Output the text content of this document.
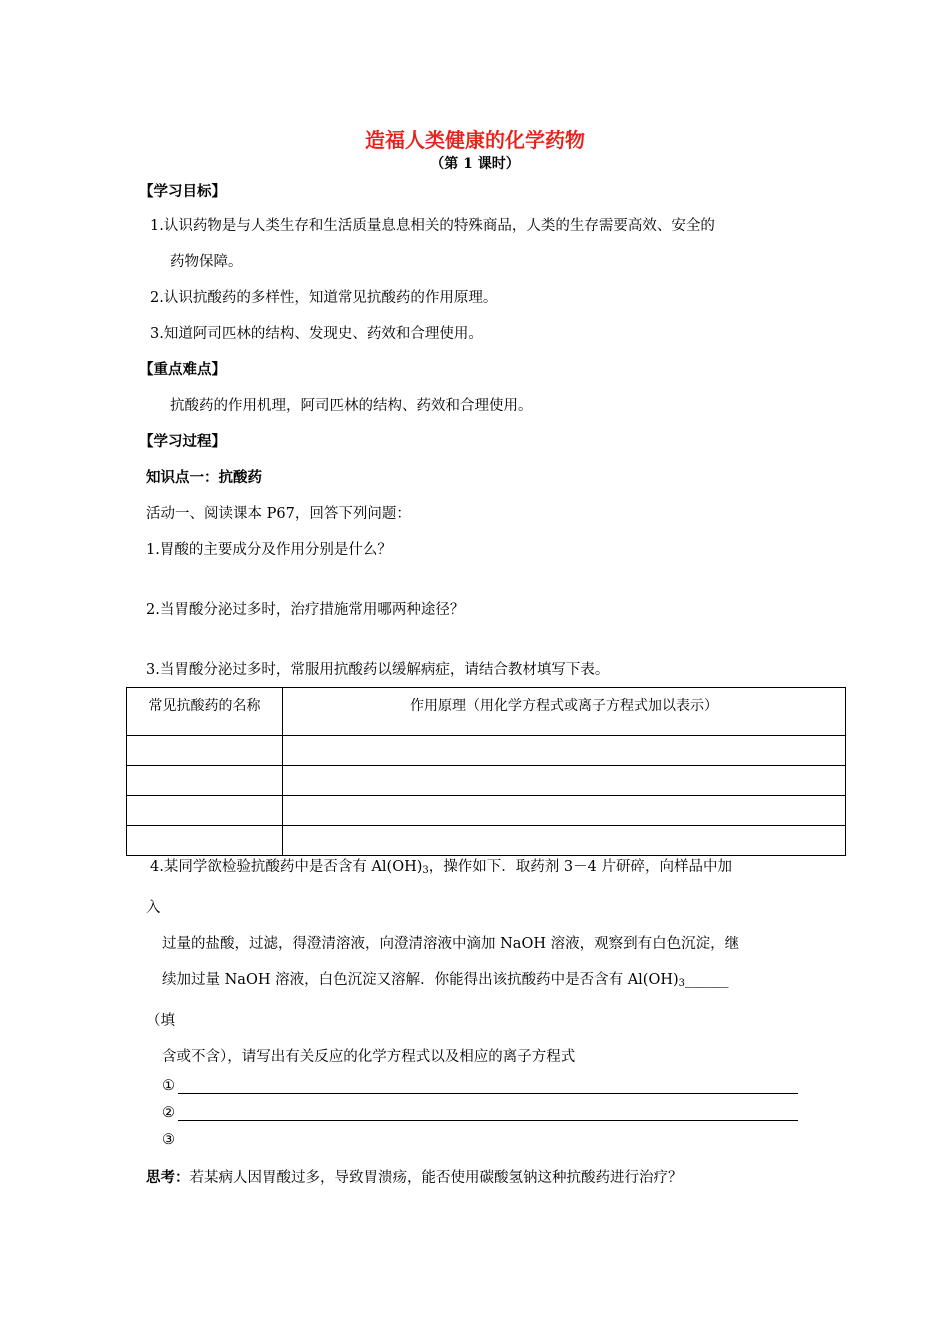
造福人类健康的化学药物
（第 1 课时）
【学习目标】
1.认识药物是与人类生存和生活质量息息相关的特殊商品，人类的生存需要高效、安全的
药物保障。
2.认识抗酸药的多样性，知道常见抗酸药的作用原理。
3.知道阿司匹林的结构、发现史、药效和合理使用。
【重点难点】
抗酸药的作用机理，阿司匹林的结构、药效和合理使用。
【学习过程】
知识点一：抗酸药
活动一、阅读课本 P67，回答下列问题：
1.胃酸的主要成分及作用分别是什么？
2.当胃酸分泌过多时，治疗措施常用哪两种途径？
3.当胃酸分泌过多时，常服用抗酸药以缓解病症，请结合教材填写下表。
常见抗酸药的名称	作用原理（用化学方程式或离子方程式加以表示）

4.某同学欲检验抗酸药中是否含有 $Al(OH)_3$，操作如下．取药剂 3－4 片研碎，向样品中加
入
过量的盐酸，过滤，得澄清溶液，向澄清溶液中滴加 NaOH 溶液，观察到有白色沉淀，继
续加过量 NaOH 溶液，白色沉淀又溶解．你能得出该抗酸药中是否含有 $Al(OH)_3\_\_\_\_\_\_$
（填
含或不含），请写出有关反应的化学方程式以及相应的离子方程式
①
②
③
思考：若某病人因胃酸过多，导致胃溃疡，能否使用碳酸氢钠这种抗酸药进行治疗？
